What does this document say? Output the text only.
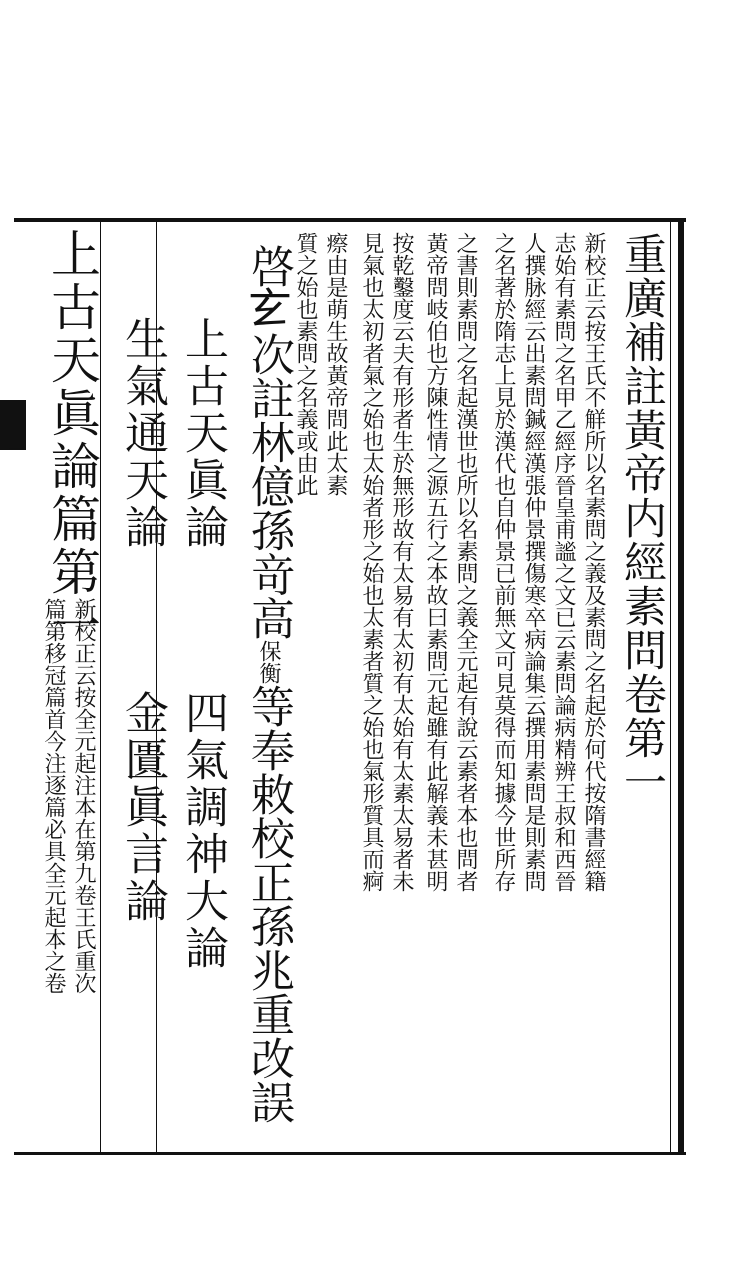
一	重廣補註黃帝内經素問卷第一
新校正云按王氏不觧所以名素問之義及素問之名起於何代按隋書經籍
志始有素問之名甲乙經序晉皇甫謐之文已云素問論病精辨王叔和西晉
人撰脉經云出素問鍼經漢張仲景撰傷寒卒病論集云撰用素問是則素問
之名著於隋志上見於漢代也自仲景已前無文可見莫得而知據今世所存
之書則素問之名起漢世也所以名素問之義全元起有說云素者本也問者
黃帝問岐伯也方陳性情之源五行之本故曰素問元起雖有此解義未甚明
按乾鑿度云夫有形者生於無形故有太易有太初有太始有太素太易者未
見氣也太初者氣之始也太始者形之始也太素者質之始也氣形質具而痾
瘵由是萌生故黃帝問此太素
質之始也素問之名義或由此
啓𤣥次註林億孫竒高保衡等奉敕校正孫兆重改誤
上古天眞論
四氣調神大論
生氣通天論
金匱眞言論
上古天眞論篇第一
新校正云按全元起注本在第九卷王氏重次
篇第移冠篇首今注逐篇必具全元起本之卷
